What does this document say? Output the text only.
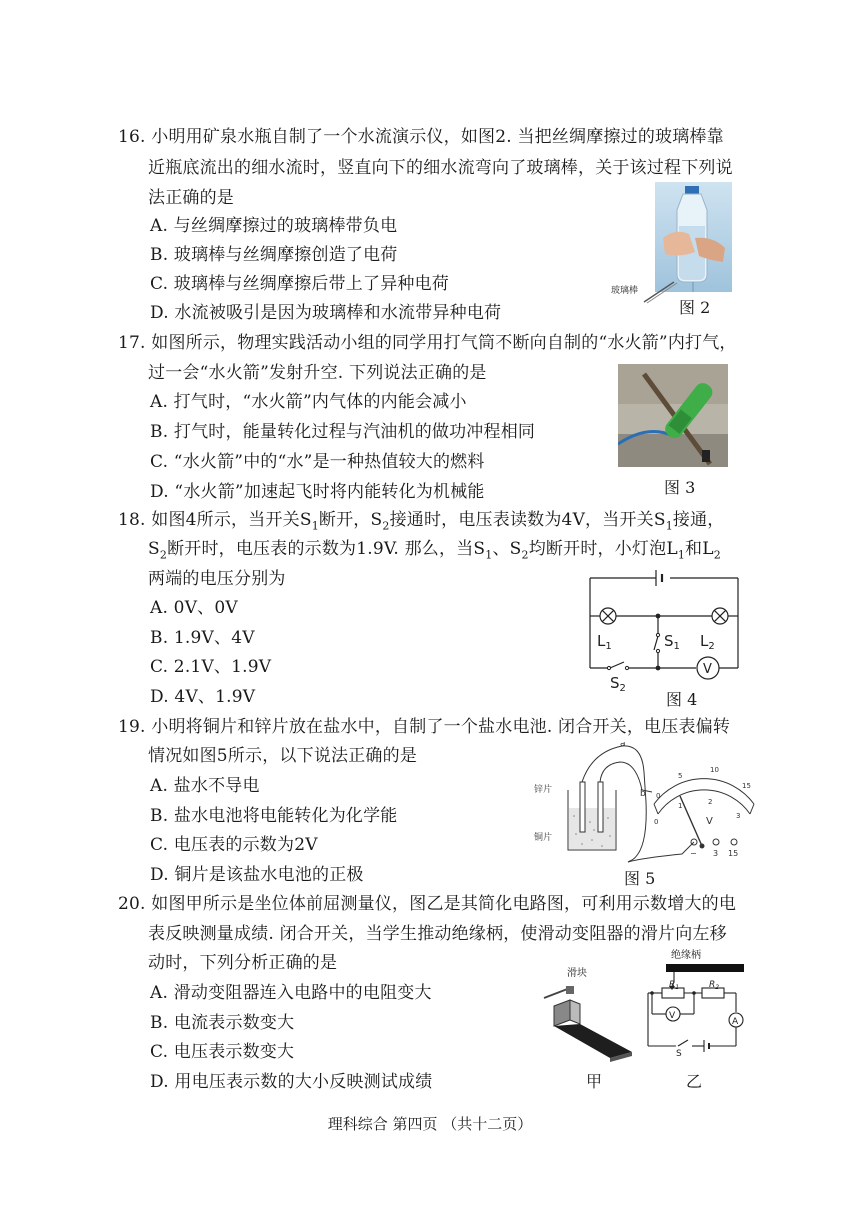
16. 小明用矿泉水瓶自制了一个水流演示仪，如图2. 当把丝绸摩擦过的玻璃棒靠
近瓶底流出的细水流时，竖直向下的细水流弯向了玻璃棒，关于该过程下列说
法正确的是
A. 与丝绸摩擦过的玻璃棒带负电
B. 玻璃棒与丝绸摩擦创造了电荷
C. 玻璃棒与丝绸摩擦后带上了异种电荷
D. 水流被吸引是因为玻璃棒和水流带异种电荷
玻璃棒
图 2
17. 如图所示，物理实践活动小组的同学用打气筒不断向自制的“水火箭”内打气，
过一会“水火箭”发射升空. 下列说法正确的是
A. 打气时，“水火箭”内气体的内能会减小
B. 打气时，能量转化过程与汽油机的做功冲程相同
C. “水火箭”中的“水”是一种热值较大的燃料
D. “水火箭”加速起飞时将内能转化为机械能	图 3
18. 如图4所示，当开关$S_1$断开，$S_2$接通时，电压表读数为4V，当开关$S_1$接通，
$S_2$断开时，电压表的示数为1.9V. 那么，当$S_1$、$S_2$均断开时，小灯泡$L_1$和$L_2$
两端的电压分别为
A. 0V、0V
B. 1.9V、4V
C. 2.1V、1.9V
D. 4V、1.9V
$L_1$	$L_2$
$S_1$
$S_2$
V
图 4
19. 小明将铜片和锌片放在盐水中，自制了一个盐水电池. 闭合开关，电压表偏转
情况如图5所示，以下说法正确的是
A. 盐水不导电
B. 盐水电池将电能转化为化学能
C. 电压表的示数为2V
D. 铜片是该盐水电池的正极
锌片
铜片
a
b
V
0
5
10
15
0
1	2
3
− 3 15
图 5
20. 如图甲所示是坐位体前屈测量仪，图乙是其简化电路图，可利用示数增大的电
表反映测量成绩. 闭合开关，当学生推动绝缘柄，使滑动变阻器的滑片向左移
动时，下列分析正确的是
A. 滑动变阻器连入电路中的电阻变大
B. 电流表示数变大
C. 电压表示数变大
D. 用电压表示数的大小反映测试成绩
滑块
$R_1$	$R_2$
V
A
S
绝缘柄
甲	乙
理科综合 第四页 （共十二页）
